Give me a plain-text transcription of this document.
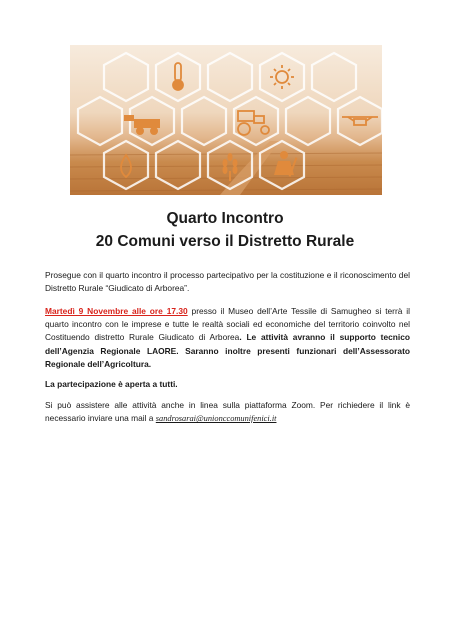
Quarto Incontro
20 Comuni verso il Distretto Rurale
Prosegue con il quarto incontro il processo partecipativo per la costituzione e il riconoscimento del Distretto Rurale “Giudicato di Arborea”.
Martedì 9 Novembre alle ore 17.30 presso il Museo dell’Arte Tessile di Samugheo si terrà il quarto incontro con le imprese e tutte le realtà sociali ed economiche del territorio coinvolto nel Costituendo distretto Rurale Giudicato di Arborea. Le attività avranno il supporto tecnico dell’Agenzia Regionale LAORE. Saranno inoltre presenti funzionari dell’Assessorato Regionale dell’Agricoltura.
La partecipazione è aperta a tutti.
Si può assistere alle attività anche in linea sulla piattaforma Zoom. Per richiedere il link è necessario inviare una mail a sandrosarai@unionccomunifenici.it
